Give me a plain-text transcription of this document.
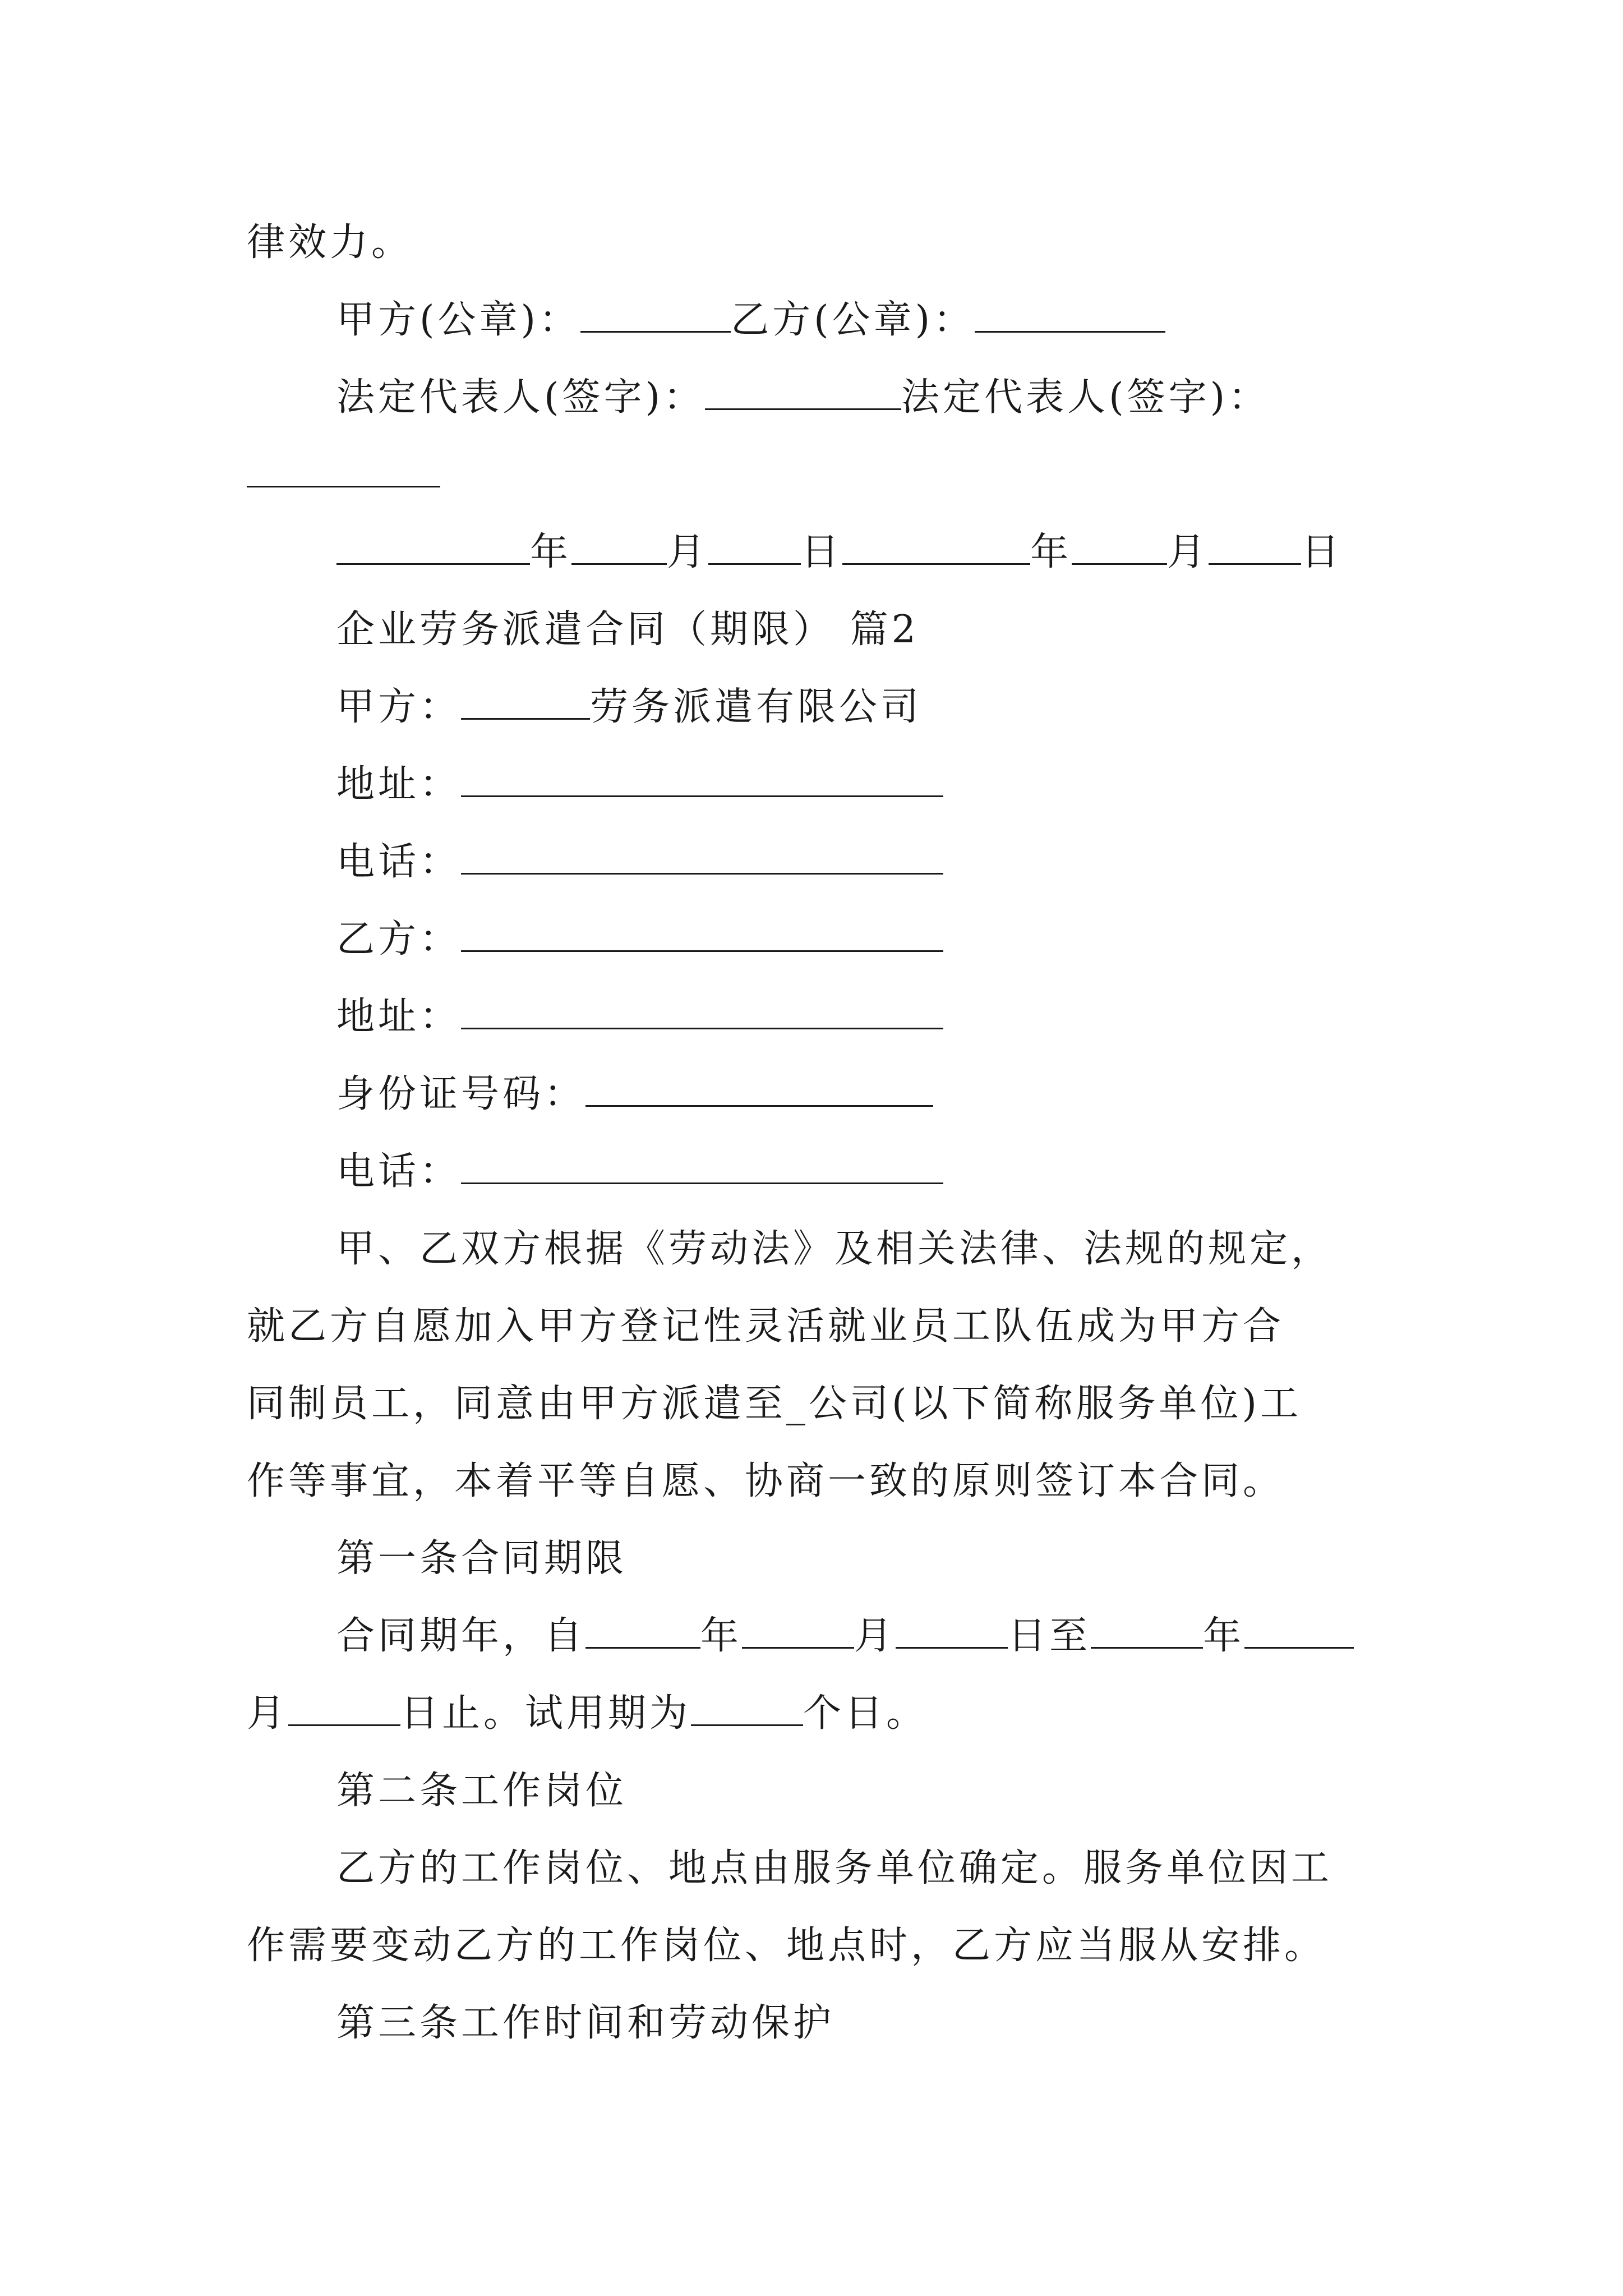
律效力。
甲方(公章)：	乙方(公章)：
法定代表人(签字)：	法定代表人(签字)：
年	月 日	年	月 日
企业劳务派遣合同（期限） 篇2
甲方：	劳务派遣有限公司
地址：
电话：
乙方：
地址：
身份证号码：
电话：
甲、乙双方根据《劳动法》及相关法律、法规的规定，
就乙方自愿加入甲方登记性灵活就业员工队伍成为甲方合
同制员工，同意由甲方派遣至_公司(以下简称服务单位)工
作等事宜，本着平等自愿、协商一致的原则签订本合同。
第一条合同期限
合同期年，自	年	月	日至	年
月	日止。试用期为	个日。
第二条工作岗位
乙方的工作岗位、地点由服务单位确定。服务单位因工
作需要变动乙方的工作岗位、地点时，乙方应当服从安排。
第三条工作时间和劳动保护
